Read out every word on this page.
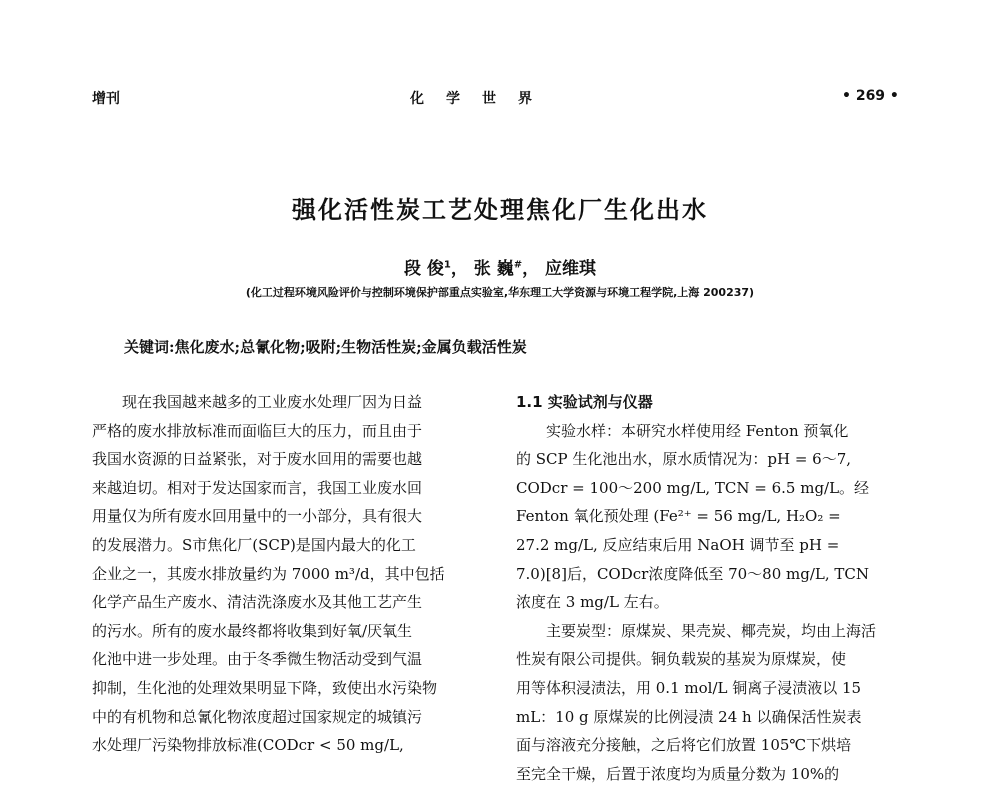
增刊	化学世界	• 269 •
强化活性炭工艺处理焦化厂生化出水
段 俊$^1$， 张 巍#， 应维琪
(化工过程环境风险评价与控制环境保护部重点实验室,华东理工大学资源与环境工程学院,上海 200237)
关键词:焦化废水;总氰化物;吸附;生物活性炭;金属负载活性炭

现在我国越来越多的工业废水处理厂因为日益

严格的废水排放标准而面临巨大的压力，而且由于

我国水资源的日益紧张，对于废水回用的需要也越

来越迫切。相对于发达国家而言，我国工业废水回

用量仅为所有废水回用量中的一小部分，具有很大

的发展潜力。S市焦化厂(SCP)是国内最大的化工

企业之一，其废水排放量约为 7000 m³/d，其中包括

化学产品生产废水、清洁洗涤废水及其他工艺产生

的污水。所有的废水最终都将收集到好氧/厌氧生

化池中进一步处理。由于冬季微生物活动受到气温

抑制，生化池的处理效果明显下降，致使出水污染物

中的有机物和总氰化物浓度超过国家规定的城镇污

水处理厂污染物排放标准(CODcr < 50 mg/L,

1.1 实验试剂与仪器

实验水样：本研究水样使用经 Fenton 预氧化

的 SCP 生化池出水，原水质情况为：pH = 6～7,

CODcr = 100～200 mg/L, TCN = 6.5 mg/L。经

Fenton 氧化预处理 (Fe²⁺ = 56 mg/L, H₂O₂ =

27.2 mg/L, 反应结束后用 NaOH 调节至 pH =

7.0)[8]后，CODcr浓度降低至 70～80 mg/L, TCN

浓度在 3 mg/L 左右。

主要炭型：原煤炭、果壳炭、椰壳炭，均由上海活

性炭有限公司提供。铜负载炭的基炭为原煤炭，使

用等体积浸渍法，用 0.1 mol/L 铜离子浸渍液以 15

mL：10 g 原煤炭的比例浸渍 24 h 以确保活性炭表

面与溶液充分接触，之后将它们放置 105℃下烘培

至完全干燥，后置于浓度均为质量分数为 10%的
